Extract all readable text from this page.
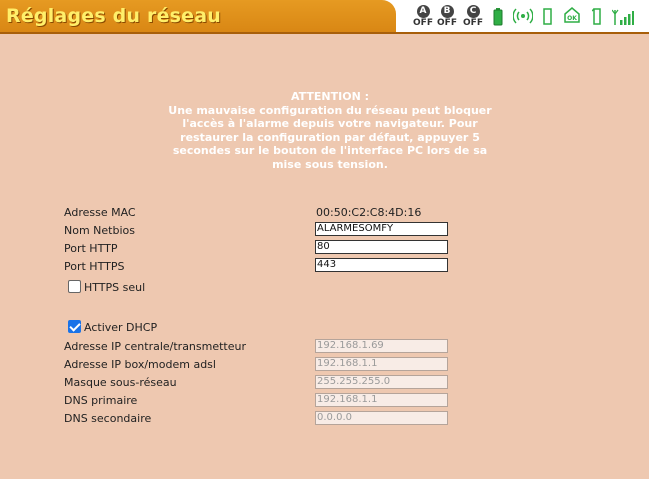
Réglages du réseau	A
OFF
B
OFF
C
OFF	OK
ATTENTION :
Une mauvaise configuration du réseau peut bloquer
l'accès à l'alarme depuis votre navigateur. Pour
restaurer la configuration par défaut, appuyer 5
secondes sur le bouton de l'interface PC lors de sa
mise sous tension.
Adresse MAC	00:50:C2:C8:4D:16
Nom Netbios	ALARMESOMFY
Port HTTP	80
Port HTTPS	443
HTTPS seul
Activer DHCP
Adresse IP centrale/transmetteur	192.168.1.69
Adresse IP box/modem adsl	192.168.1.1
Masque sous-réseau	255.255.255.0
DNS primaire	192.168.1.1
DNS secondaire	0.0.0.0
